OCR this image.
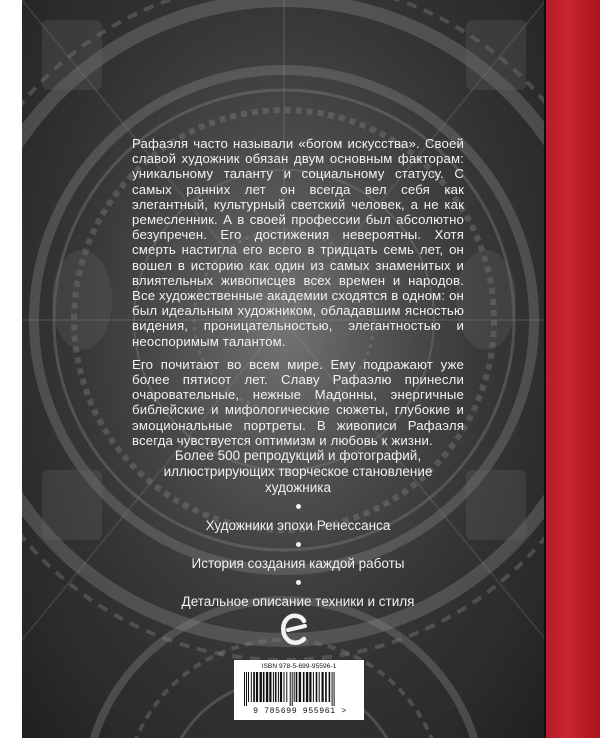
Рафаэля часто называли «богом искусства». Своей славой художник обязан двум основным факторам: уникальному таланту и социальному статусу. С самых ранних лет он всегда вел себя как элегантный, культурный светский человек, а не как ремесленник. А в своей профессии был абсолютно безупречен. Его достижения невероятны. Хотя смерть настигла его всего в тридцать семь лет, он вошел в историю как один из самых знаменитых и влиятельных живописцев всех времен и народов. Все художественные академии сходятся в одном: он был идеальным художником, обладавшим ясностью видения, проницательностью, элегантностью и неоспоримым талантом.

Его почитают во всем мире. Ему подражают уже более пятисот лет. Славу Рафаэлю принесли очаровательные, нежные Мадонны, энергичные библейские и мифологические сюжеты, глубокие и эмоциональные портреты. В живописи Рафаэля всегда чувствуется оптимизм и любовь к жизни.

Более 500 репродукций и фотографий, иллюстрирующих творческое становление художника

Художники эпохи Ренессанса

История создания каждой работы

Детальное описание техники и стиля

ISBN 978-5-699-95596-1
9 785699 955961 >
